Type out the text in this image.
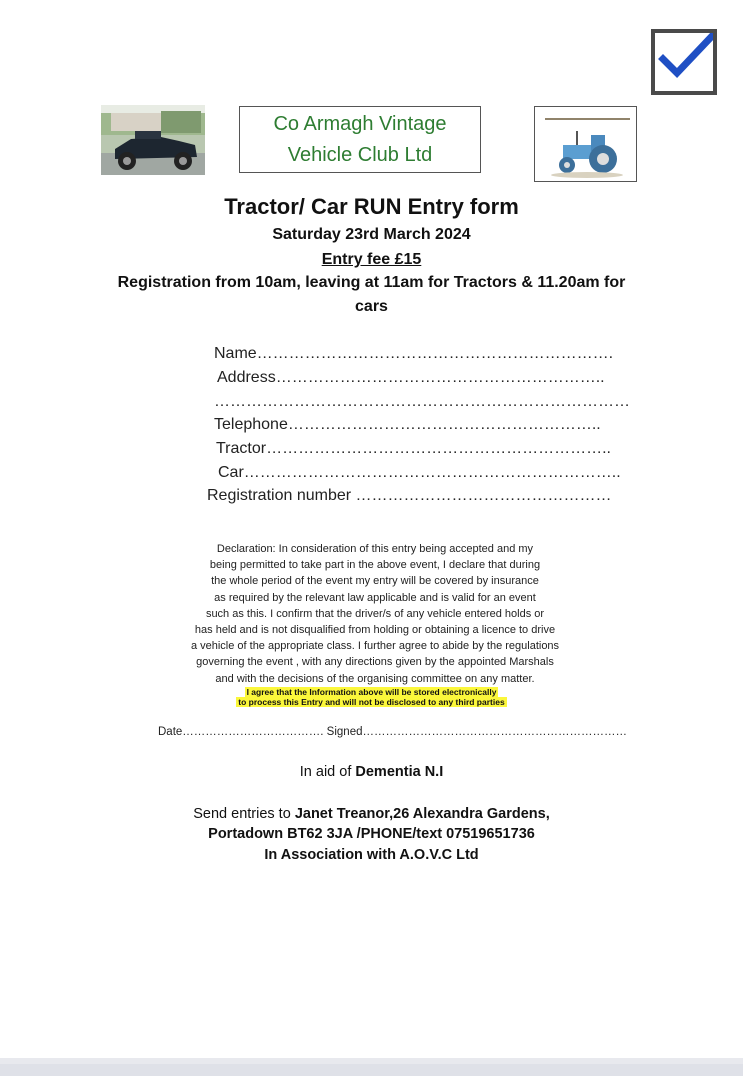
Co Armagh Vintage
Vehicle Club Ltd
Tractor/ Car RUN Entry form
Saturday 23rd March 2024
Entry fee £15
Registration from 10am, leaving at 11am for Tractors & 11.20am for
cars
Name………………………………………………………….
Address……………………………………………………..
……………………………………………………………………
Telephone…………………………………………………..
Tractor………………………………………………………..
Car……………………………………………………………..
Registration number …………………………………………
Declaration: In consideration of this entry being accepted and my
being permitted to take part in the above event, I declare that during
the whole period of the event my entry will be covered by insurance
as required by the relevant law applicable and is valid for an event
such as this. I confirm that the driver/s of any vehicle entered holds or
has held and is not disqualified from holding or obtaining a licence to drive
a vehicle of the appropriate class. I further agree to abide by the regulations
governing the event , with any directions given by the appointed Marshals
and with the decisions of the organising committee on any matter.
I agree that the Information above will be stored electronically
to process this Entry and will not be disclosed to any third parties
Date………………………………. Signed……………………………………………………………
In aid of Dementia N.I
Send entries to Janet Treanor,26 Alexandra Gardens,
Portadown BT62 3JA /PHONE/text 07519651736
In Association with A.O.V.C Ltd
